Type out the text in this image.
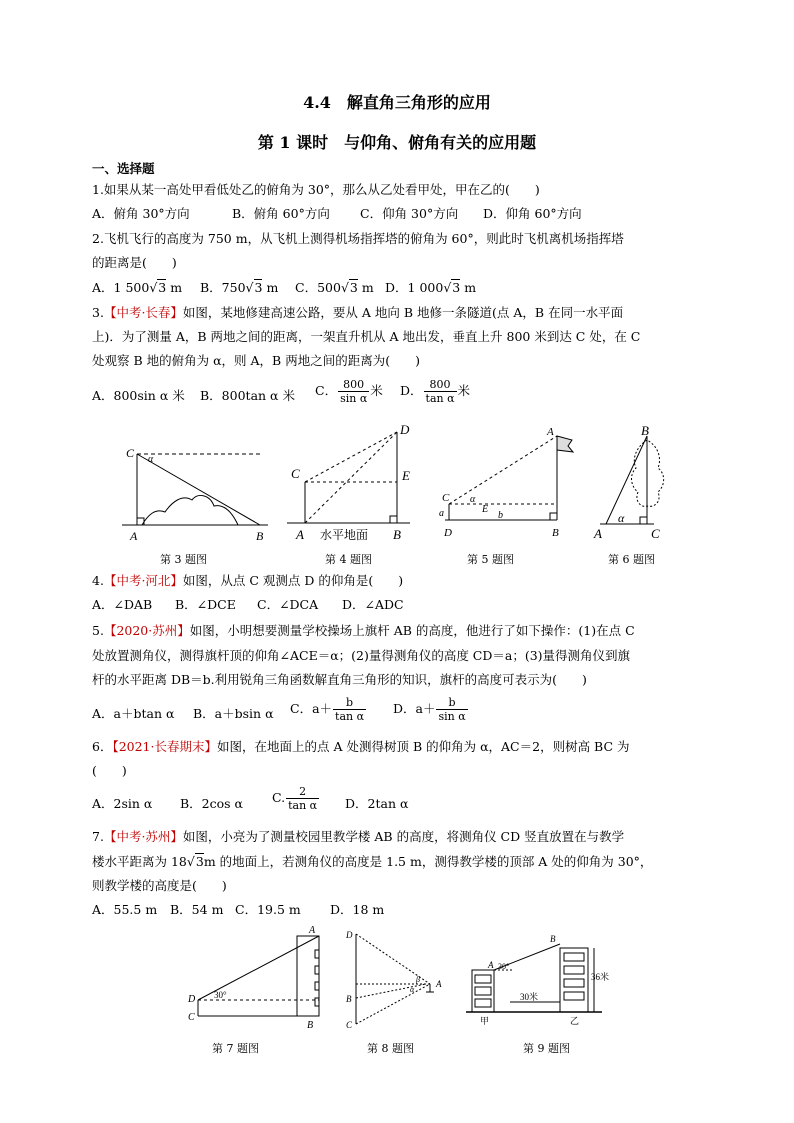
4.4　解直角三角形的应用
第 1 课时　与仰角、俯角有关的应用题
一、选择题
1.如果从某一高处甲看低处乙的俯角为 30°，那么从乙处看甲处，甲在乙的(　　)
A．俯角 30°方向	B．俯角 60°方向 C．仰角 30°方向 D．仰角 60°方向
2.飞机飞行的高度为 750 m，从飞机上测得机场指挥塔的俯角为 60°，则此时飞机离机场指挥塔
的距离是(　　)
A．1 500√3 m B．750√3 m C．500√3 m D．1 000√3 m
3.【中考·长春】如图，某地修建高速公路，要从 A 地向 B 地修一条隧道(点 A，B 在同一水平面
上)．为了测量 A，B 两地之间的距离，一架直升机从 A 地出发，垂直上升 800 米到达 C 处，在 C
处观察 B 地的俯角为 α，则 A，B 两地之间的距离为(　　)
A．800sin α 米 B．800tan α 米 C． $\frac{800}{\text{sin α}}$ 米 D． $\frac{800}{\text{tan α}}$ 米
C α
A	B
D
C	E
A	B
水平地面
A
B
C
D
E
a	b
α
B
A	C
α
第 3 题图	第 4 题图	第 5 题图	第 6 题图
4.【中考·河北】如图，从点 C 观测点 D 的仰角是(　　)
A．∠DAB B．∠DCE C．∠DCA D．∠ADC
5.【2020·苏州】如图，小明想要测量学校操场上旗杆 AB 的高度，他进行了如下操作：(1)在点 C
处放置测角仪，测得旗杆顶的仰角∠ACE＝α；(2)量得测角仪的高度 CD＝a；(3)量得测角仪到旗
杆的水平距离 DB＝b.利用锐角三角函数解直角三角形的知识，旗杆的高度可表示为(　　)
A．a＋btan α B．a＋bsin α C．$a+ \frac{b}{\text{tan α}}$ D．$a+ \frac{b}{\text{sin α}}$
6．【2021·长春期末】如图，在地面上的点 A 处测得树顶 B 的仰角为 α，AC＝2，则树高 BC 为
(　　)
A．2sin α B．2cos α C. $\frac{2}{\text{tan α}}$ D．2tan α
7.【中考·苏州】如图，小亮为了测量校园里教学楼 AB 的高度，将测角仪 CD 竖直放置在与教学
楼水平距离为 18√3m 的地面上，若测角仪的高度是 1.5 m，测得教学楼的顶部 A 处的仰角为 30°，
则教学楼的高度是(　　)
A．55.5 m B．54 m C．19.5 m D．18 m
A
B
C
D 30°
D
B
C
A
β
α
30°
A
B
30米
36米
甲	乙
第 7 题图	第 8 题图	第 9 题图
